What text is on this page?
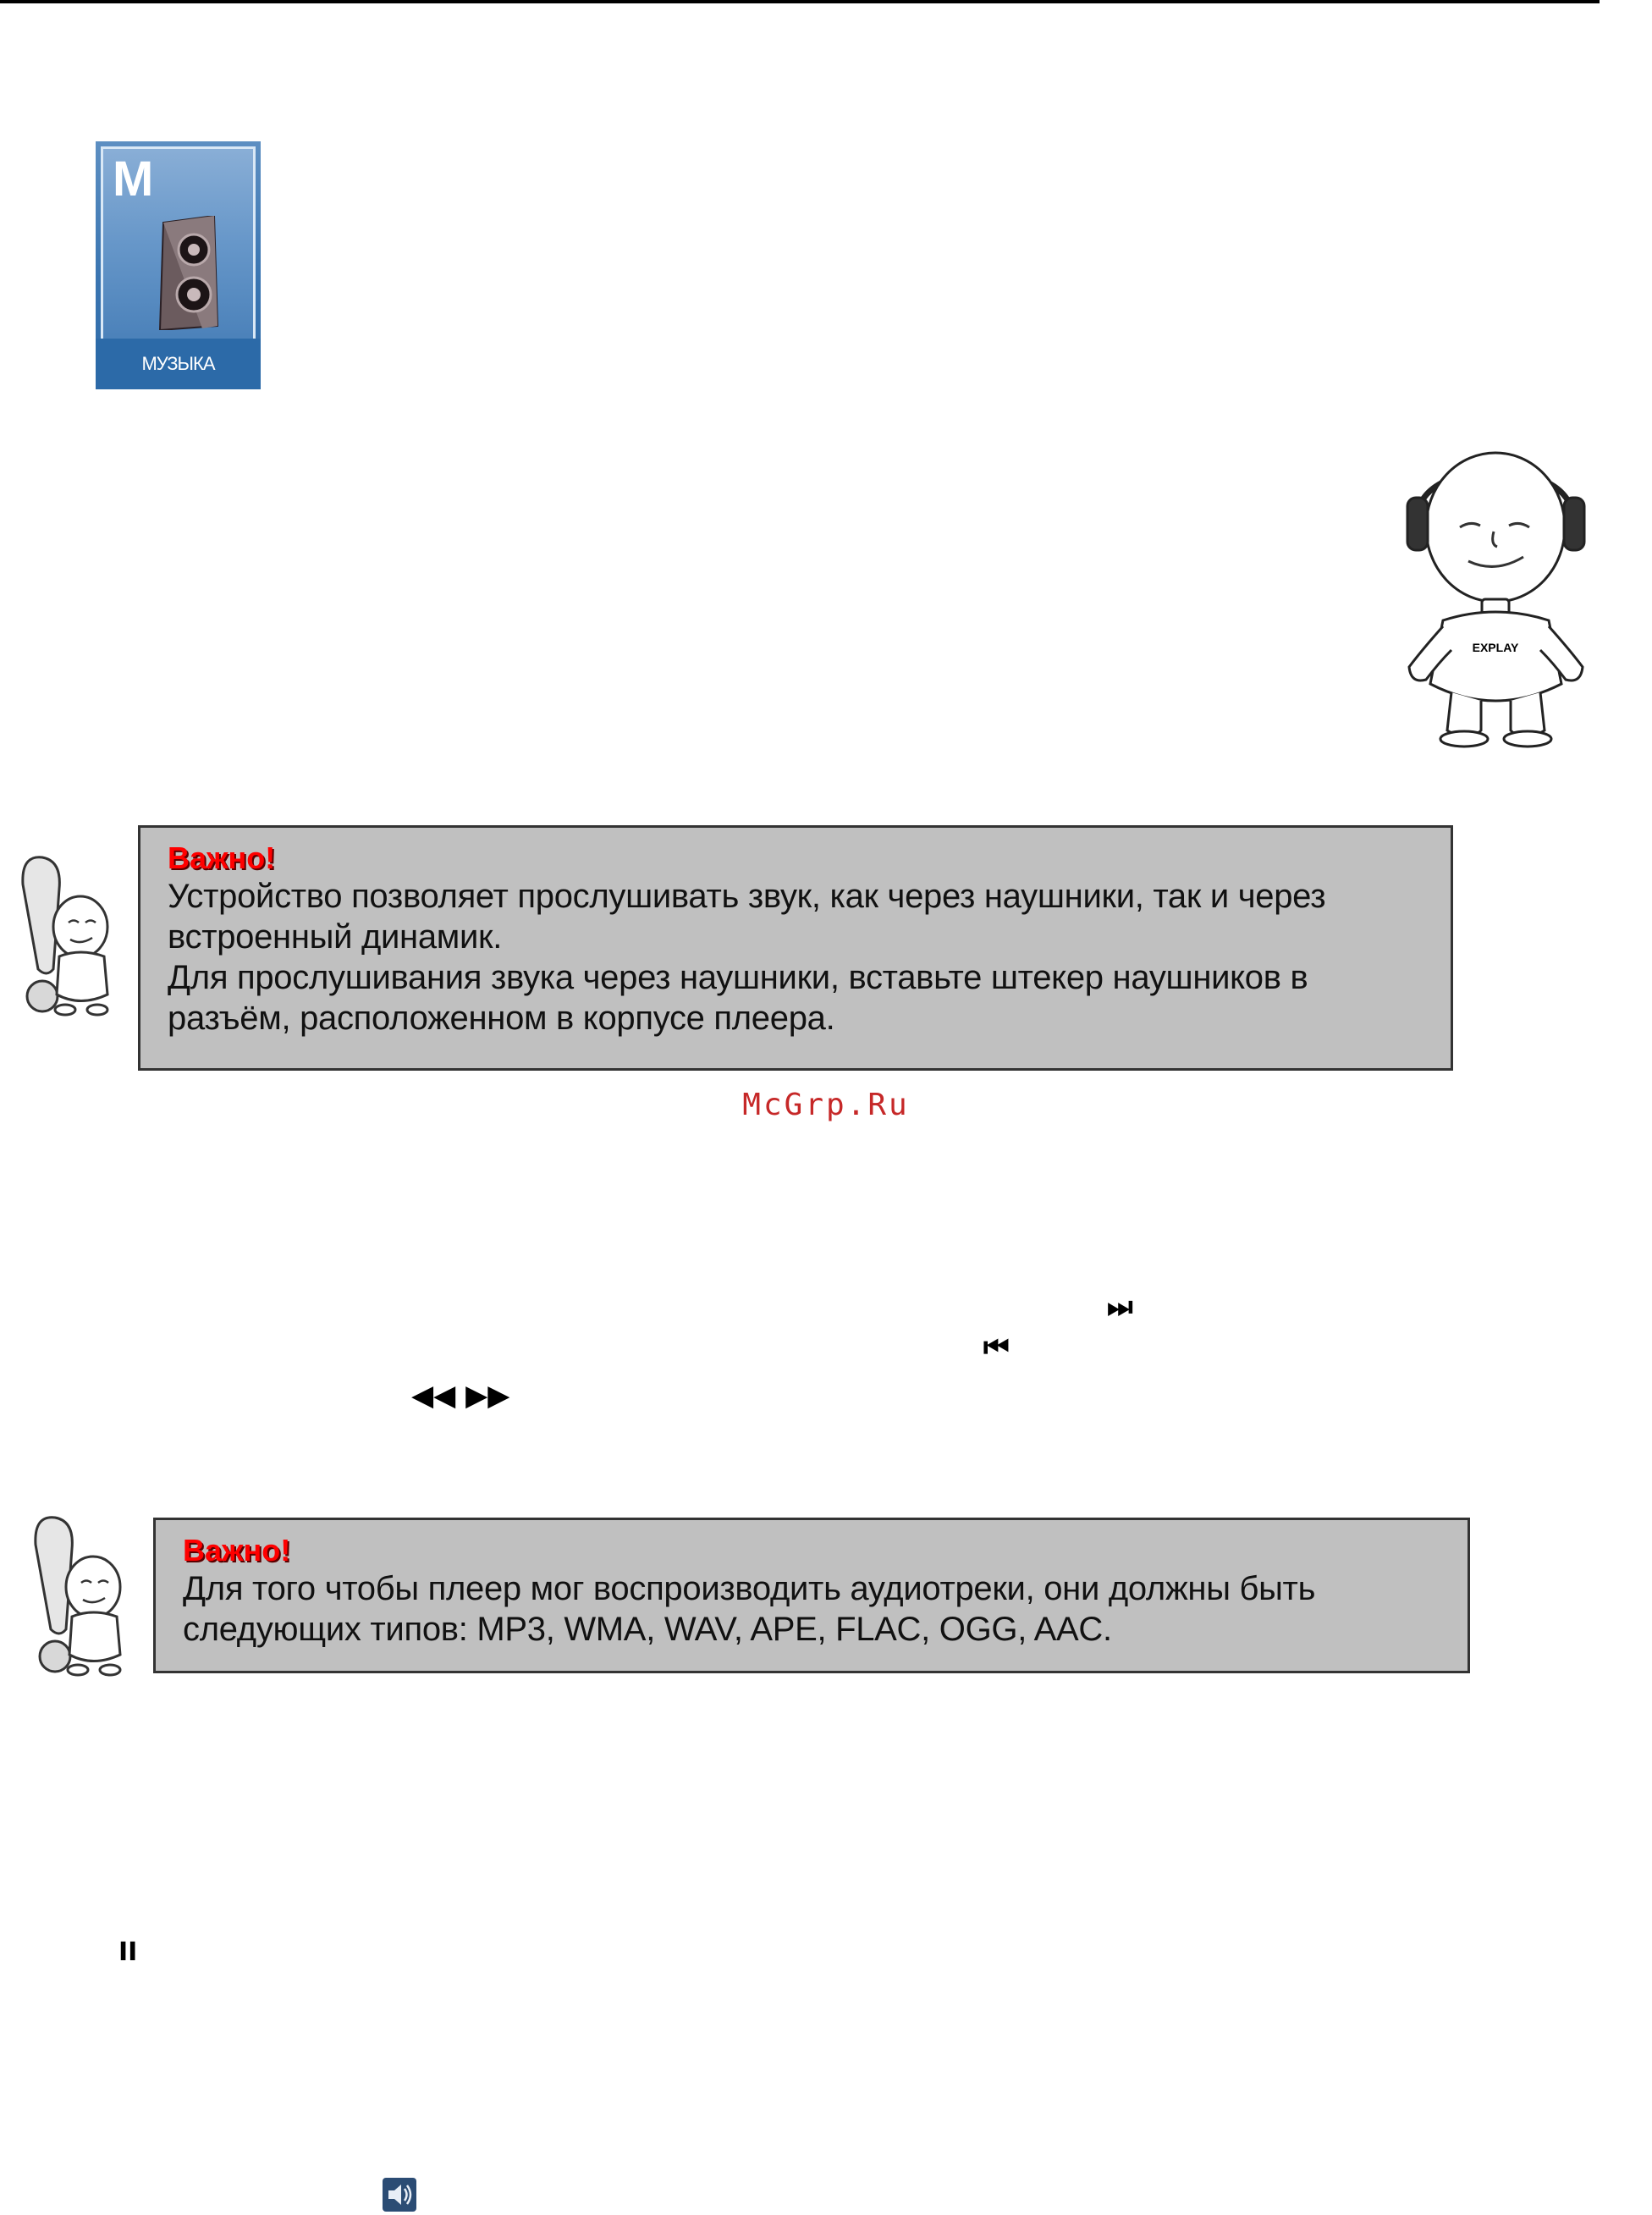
M
МУЗЫКА
EXPLAY
Важно!
Устройство позволяет прослушивать звук, как через наушники, так и через
встроенный динамик.
Для прослушивания звука через наушники, вставьте штекер наушников в
разъём, расположенном в корпусе плеера.
McGrp.Ru
⏭
⏮
◀◀ ▶▶
Важно!
Для того чтобы плеер мог воспроизводить аудиотреки, они должны быть
следующих типов: MP3, WMA, WAV, APE, FLAC, OGG, AAC.
II
